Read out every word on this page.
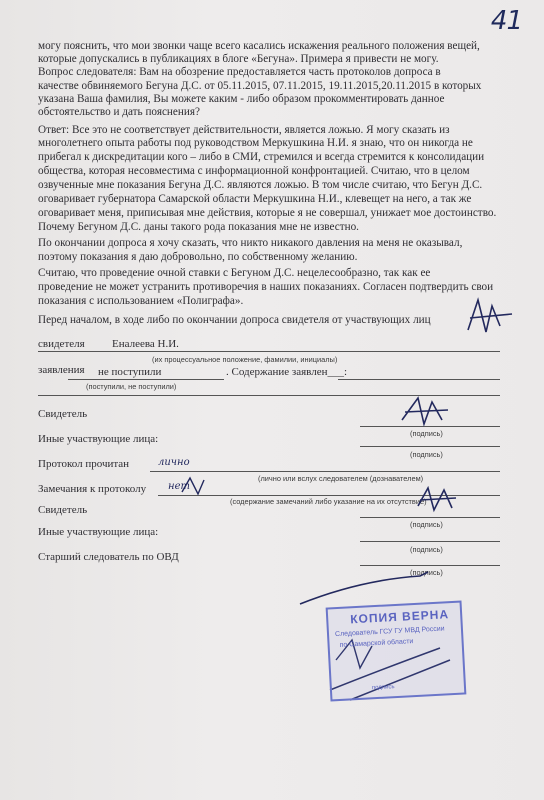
41
могу пояснить, что мои звонки чаще всего касались искажения реального положения вещей,
которые допускались в публикациях в блоге «Бегуна». Примера я привести не могу.
Вопрос следователя: Вам на обозрение предоставляется часть протоколов допроса в
качестве обвиняемого Бегуна Д.С. от 05.11.2015, 07.11.2015, 19.11.2015,20.11.2015 в которых
указана Ваша фамилия, Вы можете каким - либо образом прокомментировать данное
обстоятельство и дать пояснения?
Ответ: Все это не соответствует действительности, является ложью. Я могу сказать из
многолетнего опыта работы под руководством Меркушкина Н.И. я знаю, что он никогда не
прибегал к дискредитации кого – либо в СМИ, стремился и всегда стремится к консолидации
общества, которая несовместима с информационной конфронтацией. Считаю, что в целом
озвученные мне показания Бегуна Д.С. являются ложью. В том числе считаю, что Бегун Д.С.
оговаривает губернатора Самарской области Меркушкина Н.И., клевещет на него, а так же
оговаривает меня, приписывая мне действия, которые я не совершал, унижает мое достоинство.
Почему Бегуном Д.С. даны такого рода показания мне не известно.
По окончании допроса я хочу сказать, что никто никакого давления на меня не оказывал,
поэтому показания я даю добровольно, по собственному желанию.
Считаю, что проведение очной ставки с Бегуном Д.С. нецелесообразно, так как ее
проведение не может устранить противоречия в наших показаниях. Согласен подтвердить свои
показания с использованием «Полиграфа».
Перед началом, в ходе либо по окончании допроса свидетеля от участвующих лиц
свидетеля Еналеева Н.И.
(их процессуальное положение, фамилии, инициалы)
заявления не поступили	. Содержание заявлен___:
(поступили, не поступили)
Свидетель
(подпись)
Иные участвующие лица:
(подпись)
Протокол прочитан	лично
(лично или вслух следователем (дознавателем)
Замечания к протоколу нет
(содержание замечаний либо указание на их отсутствие)
Свидетель
(подпись)
Иные участвующие лица:
(подпись)
Старший следователь по ОВД
(подпись)
КОПИЯ ВЕРНА
Следователь ГСУ ГУ МВД России
по Самарской области
подпись
